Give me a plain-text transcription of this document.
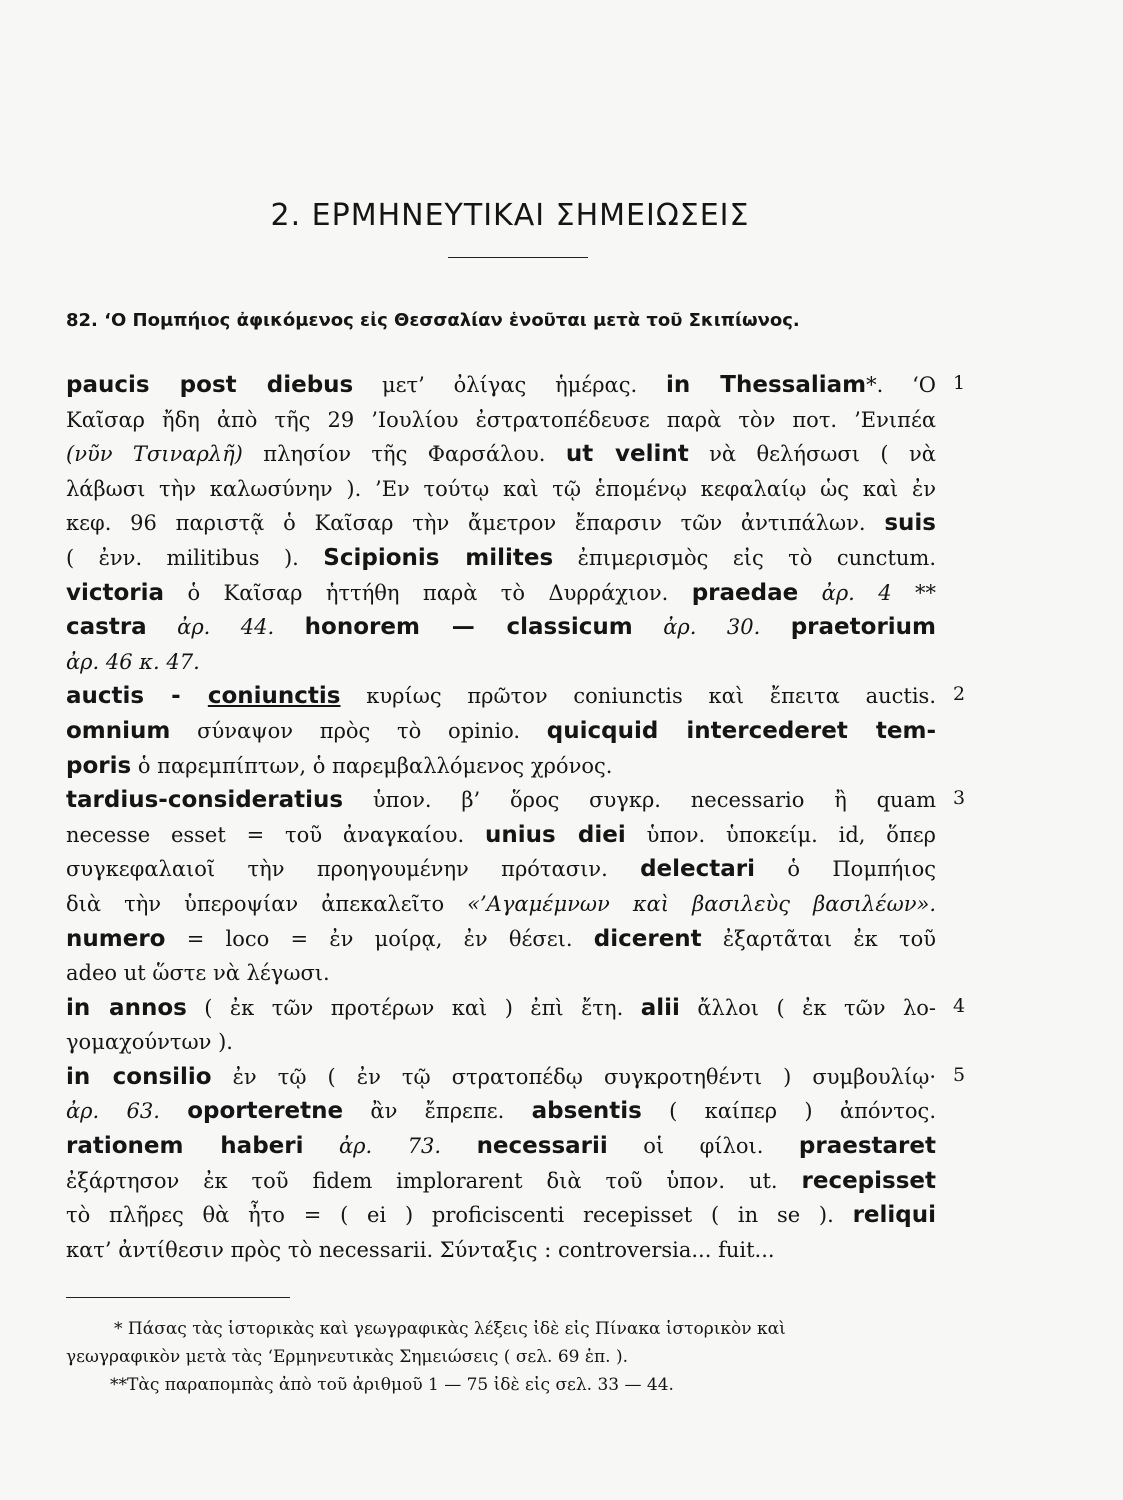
2. ΕΡΜΗΝΕΥΤΙΚΑΙ ΣΗΜΕΙΩΣΕΙΣ
82. ‘Ο Πομπήιος ἀφικόμενος εἰς Θεσσαλίαν ἑνοῦται μετὰ τοῦ Σκιπίωνος.
paucis post diebus μετ’ ὀλίγας ἡμέρας. in Thessaliam*. ‘Ο
Καῖσαρ ἤδη ἀπὸ τῆς 29 ’Ιουλίου ἐστρατοπέδευσε παρὰ τὸν ποτ. ’Ενιπέα
(νῦν Τσιναρλῆ) πλησίον τῆς Φαρσάλου. ut velint νὰ θελήσωσι ( νὰ
λάβωσι τὴν καλωσύνην ). ’Εν τούτῳ καὶ τῷ ἑπομένῳ κεφαλαίῳ ὡς καὶ ἐν
κεφ. 96 παριστᾷ ὁ Καῖσαρ τὴν ἄμετρον ἔπαρσιν τῶν ἀντιπάλων. suis
( ἐνν. militibus ). Scipionis milites ἐπιμερισμὸς εἰς τὸ cunctum.
victoria ὁ Καῖσαρ ἡττήθη παρὰ τὸ Δυρράχιον. praedae ἀρ. 4 **
castra ἀρ. 44. honorem — classicum ἀρ. 30. praetorium
ἀρ. 46 κ. 47.
auctis - coniunctis κυρίως πρῶτον coniunctis καὶ ἔπειτα auctis.
omnium σύναψον πρὸς τὸ opinio. quicquid intercederet tem-
poris ὁ παρεμπίπτων, ὁ παρεμβαλλόμενος χρόνος.
tardius-consideratius ὑπον. β’ ὅρος συγκρ. necessario ἢ quam
necesse esset = τοῦ ἀναγκαίου. unius diei ὑπον. ὑποκείμ. id, ὅπερ
συγκεφαλαιοῖ τὴν προηγουμένην πρότασιν. delectari ὁ Πομπήιος
διὰ τὴν ὑπεροψίαν ἀπεκαλεῖτο «’Αγαμέμνων καὶ βασιλεὺς βασιλέων».
numero = loco = ἐν μοίρᾳ, ἐν θέσει. dicerent ἐξαρτᾶται ἐκ τοῦ
adeo ut ὥστε νὰ λέγωσι.
in annos ( ἐκ τῶν προτέρων καὶ ) ἐπὶ ἔτη. alii ἄλλοι ( ἐκ τῶν λο-
γομαχούντων ).
in consilio ἐν τῷ ( ἐν τῷ στρατοπέδῳ συγκροτηθέντι ) συμβουλίῳ·
ἀρ. 63. oporteretne ἂν ἔπρεπε. absentis ( καίπερ ) ἀπόντος.
rationem haberi ἀρ. 73. necessarii οἱ φίλοι. praestaret
ἐξάρτησον ἐκ τοῦ fidem implorarent διὰ τοῦ ὑπον. ut. recepisset
τὸ πλῆρες θὰ ἦτο = ( ei ) proficiscenti recepisset ( in se ). reliqui
κατ’ ἀντίθεσιν πρὸς τὸ necessarii. Σύνταξις : controversia... fuit...
1
2
3
4
5
* Πάσας τὰς ἱστορικὰς καὶ γεωγραφικὰς λέξεις ἰδὲ εἰς Πίνακα ἱστορικὸν καὶ
γεωγραφικὸν μετὰ τὰς ‘Ερμηνευτικὰς Σημειώσεις ( σελ. 69 ἑπ. ).
**Τὰς παραπομπὰς ἀπὸ τοῦ ἀριθμοῦ 1 — 75 ἰδὲ εἰς σελ. 33 — 44.
